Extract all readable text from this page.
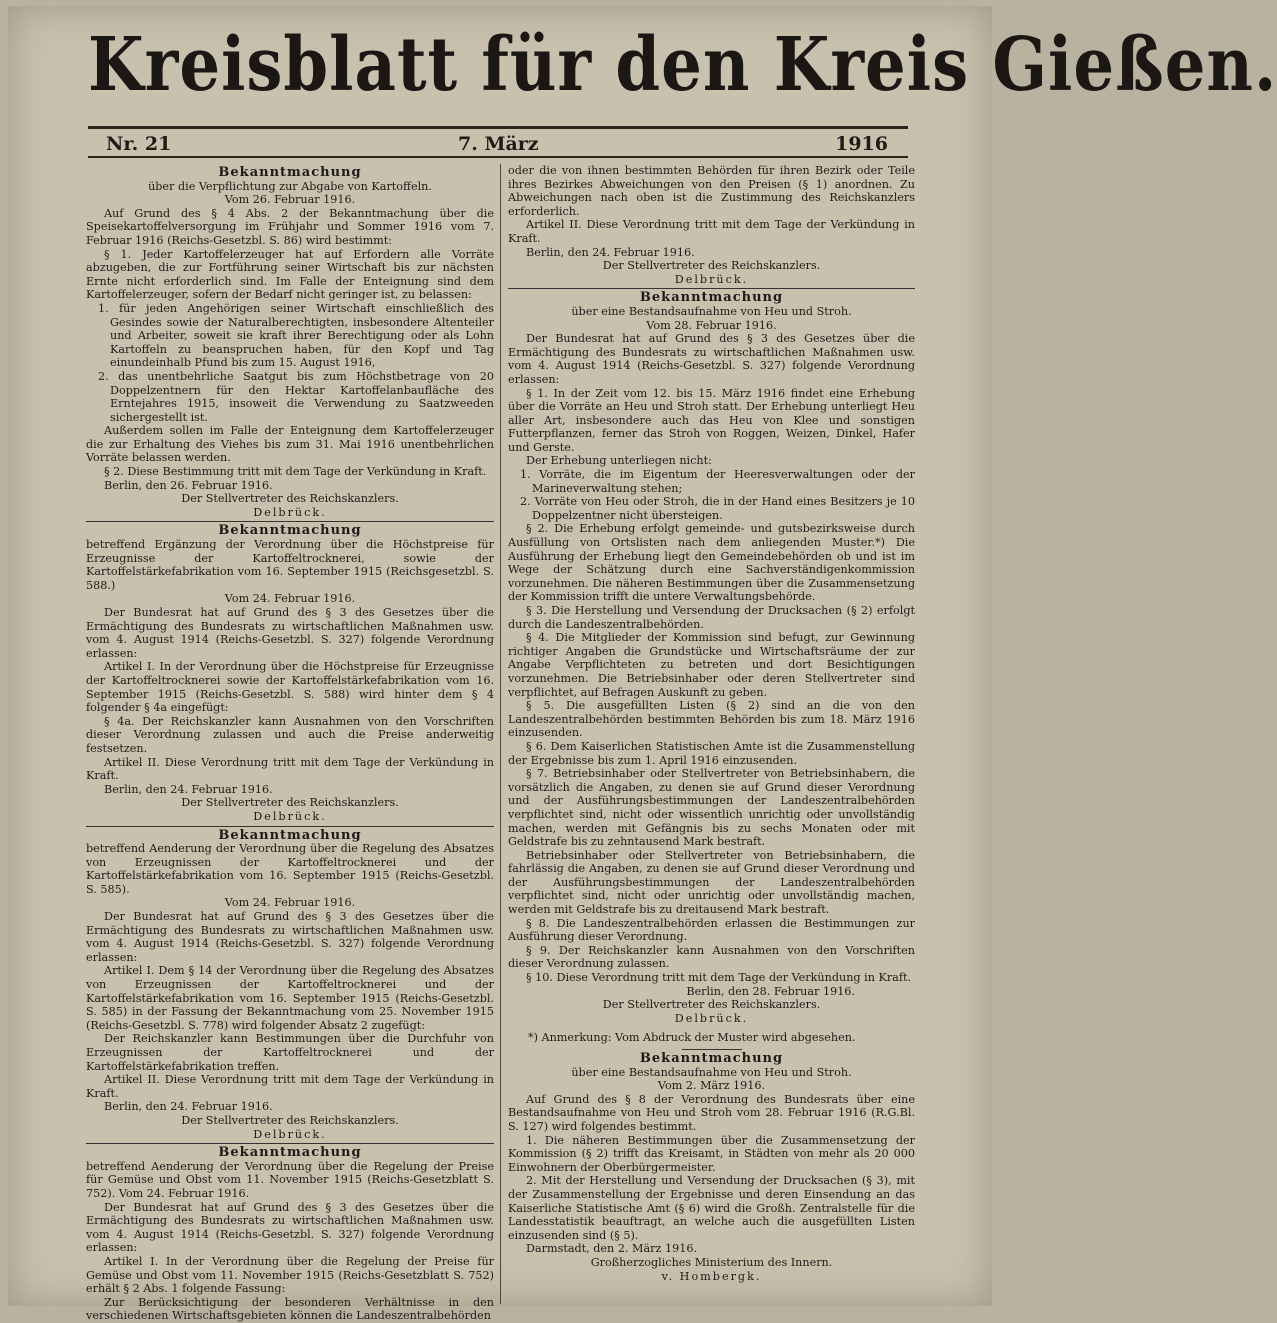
Kreisblatt für den Kreis Gießen.
Nr. 21	7. März	1916

Bekanntmachung

über die Verpflichtung zur Abgabe von Kartoffeln.

Vom 26. Februar 1916.

Auf Grund des § 4 Abs. 2 der Bekanntmachung über die Speisekartoffelversorgung im Frühjahr und Sommer 1916 vom 7. Februar 1916 (Reichs-Gesetzbl. S. 86) wird bestimmt:

§ 1. Jeder Kartoffelerzeuger hat auf Erfordern alle Vorräte abzugeben, die zur Fortführung seiner Wirtschaft bis zur nächsten Ernte nicht erforderlich sind. Im Falle der Enteignung sind dem Kartoffelerzeuger, sofern der Bedarf nicht geringer ist, zu belassen:

1. für jeden Angehörigen seiner Wirtschaft einschließlich des Gesindes sowie der Naturalberechtigten, insbesondere Altenteiler und Arbeiter, soweit sie kraft ihrer Berechtigung oder als Lohn Kartoffeln zu beanspruchen haben, für den Kopf und Tag einundeinhalb Pfund bis zum 15. August 1916,

2. das unentbehrliche Saatgut bis zum Höchstbetrage von 20 Doppelzentnern für den Hektar Kartoffelanbaufläche des Erntejahres 1915, insoweit die Verwendung zu Saatzweeden sichergestellt ist.

Außerdem sollen im Falle der Enteignung dem Kartoffelerzeuger die zur Erhaltung des Viehes bis zum 31. Mai 1916 unentbehrlichen Vorräte belassen werden.

§ 2. Diese Bestimmung tritt mit dem Tage der Verkündung in Kraft.

Berlin, den 26. Februar 1916.

Der Stellvertreter des Reichskanzlers.

Delbrück.

Bekanntmachung

betreffend Ergänzung der Verordnung über die Höchstpreise für Erzeugnisse der Kartoffeltrocknerei, sowie der Kartoffelstärkefabrikation vom 16. September 1915 (Reichsgesetzbl. S. 588.)

Vom 24. Februar 1916.

Der Bundesrat hat auf Grund des § 3 des Gesetzes über die Ermächtigung des Bundesrats zu wirtschaftlichen Maßnahmen usw. vom 4. August 1914 (Reichs-Gesetzbl. S. 327) folgende Verordnung erlassen:

Artikel I. In der Verordnung über die Höchstpreise für Erzeugnisse der Kartoffeltrocknerei sowie der Kartoffelstärkefabrikation vom 16. September 1915 (Reichs-Gesetzbl. S. 588) wird hinter dem § 4 folgender § 4a eingefügt:

§ 4a. Der Reichskanzler kann Ausnahmen von den Vorschriften dieser Verordnung zulassen und auch die Preise anderweitig festsetzen.

Artikel II. Diese Verordnung tritt mit dem Tage der Verkündung in Kraft.

Berlin, den 24. Februar 1916.

Der Stellvertreter des Reichskanzlers.

Delbrück.

Bekanntmachung

betreffend Aenderung der Verordnung über die Regelung des Absatzes von Erzeugnissen der Kartoffeltrocknerei und der Kartoffelstärkefabrikation vom 16. September 1915 (Reichs-Gesetzbl. S. 585).

Vom 24. Februar 1916.

Der Bundesrat hat auf Grund des § 3 des Gesetzes über die Ermächtigung des Bundesrats zu wirtschaftlichen Maßnahmen usw. vom 4. August 1914 (Reichs-Gesetzbl. S. 327) folgende Verordnung erlassen:

Artikel I. Dem § 14 der Verordnung über die Regelung des Absatzes von Erzeugnissen der Kartoffeltrocknerei und der Kartoffelstärkefabrikation vom 16. September 1915 (Reichs-Gesetzbl. S. 585) in der Fassung der Bekanntmachung vom 25. November 1915 (Reichs-Gesetzbl. S. 778) wird folgender Absatz 2 zugefügt:

Der Reichskanzler kann Bestimmungen über die Durchfuhr von Erzeugnissen der Kartoffeltrocknerei und der Kartoffelstärkefabrikation treffen.

Artikel II. Diese Verordnung tritt mit dem Tage der Verkündung in Kraft.

Berlin, den 24. Februar 1916.

Der Stellvertreter des Reichskanzlers.

Delbrück.

Bekanntmachung

betreffend Aenderung der Verordnung über die Regelung der Preise für Gemüse und Obst vom 11. November 1915 (Reichs-Gesetzblatt S. 752). Vom 24. Februar 1916.

Der Bundesrat hat auf Grund des § 3 des Gesetzes über die Ermächtigung des Bundesrats zu wirtschaftlichen Maßnahmen usw. vom 4. August 1914 (Reichs-Gesetzbl. S. 327) folgende Verordnung erlassen:

Artikel I. In der Verordnung über die Regelung der Preise für Gemüse und Obst vom 11. November 1915 (Reichs-Gesetzblatt S. 752) erhält § 2 Abs. 1 folgende Fassung:

Zur Berücksichtigung der besonderen Verhältnisse in den verschiedenen Wirtschaftsgebieten können die Landeszentralbehörden

oder die von ihnen bestimmten Behörden für ihren Bezirk oder Teile ihres Bezirkes Abweichungen von den Preisen (§ 1) anordnen. Zu Abweichungen nach oben ist die Zustimmung des Reichskanzlers erforderlich.

Artikel II. Diese Verordnung tritt mit dem Tage der Verkündung in Kraft.

Berlin, den 24. Februar 1916.

Der Stellvertreter des Reichskanzlers.

Delbrück.

Bekanntmachung

über eine Bestandsaufnahme von Heu und Stroh.

Vom 28. Februar 1916.

Der Bundesrat hat auf Grund des § 3 des Gesetzes über die Ermächtigung des Bundesrats zu wirtschaftlichen Maßnahmen usw. vom 4. August 1914 (Reichs-Gesetzbl. S. 327) folgende Verordnung erlassen:

§ 1. In der Zeit vom 12. bis 15. März 1916 findet eine Erhebung über die Vorräte an Heu und Stroh statt. Der Erhebung unterliegt Heu aller Art, insbesondere auch das Heu von Klee und sonstigen Futterpflanzen, ferner das Stroh von Roggen, Weizen, Dinkel, Hafer und Gerste.

Der Erhebung unterliegen nicht:

1. Vorräte, die im Eigentum der Heeresverwaltungen oder der Marineverwaltung stehen;

2. Vorräte von Heu oder Stroh, die in der Hand eines Besitzers je 10 Doppelzentner nicht übersteigen.

§ 2. Die Erhebung erfolgt gemeinde- und gutsbezirksweise durch Ausfüllung von Ortslisten nach dem anliegenden Muster.*) Die Ausführung der Erhebung liegt den Gemeindebehörden ob und ist im Wege der Schätzung durch eine Sachverständigenkommission vorzunehmen. Die näheren Bestimmungen über die Zusammensetzung der Kommission trifft die untere Verwaltungsbehörde.

§ 3. Die Herstellung und Versendung der Drucksachen (§ 2) erfolgt durch die Landeszentralbehörden.

§ 4. Die Mitglieder der Kommission sind befugt, zur Gewinnung richtiger Angaben die Grundstücke und Wirtschaftsräume der zur Angabe Verpflichteten zu betreten und dort Besichtigungen vorzunehmen. Die Betriebsinhaber oder deren Stellvertreter sind verpflichtet, auf Befragen Auskunft zu geben.

§ 5. Die ausgefüllten Listen (§ 2) sind an die von den Landeszentralbehörden bestimmten Behörden bis zum 18. März 1916 einzusenden.

§ 6. Dem Kaiserlichen Statistischen Amte ist die Zusammenstellung der Ergebnisse bis zum 1. April 1916 einzusenden.

§ 7. Betriebsinhaber oder Stellvertreter von Betriebsinhabern, die vorsätzlich die Angaben, zu denen sie auf Grund dieser Verordnung und der Ausführungsbestimmungen der Landeszentralbehörden verpflichtet sind, nicht oder wissentlich unrichtig oder unvollständig machen, werden mit Gefängnis bis zu sechs Monaten oder mit Geldstrafe bis zu zehntausend Mark bestraft.

Betriebsinhaber oder Stellvertreter von Betriebsinhabern, die fahrlässig die Angaben, zu denen sie auf Grund dieser Verordnung und der Ausführungsbestimmungen der Landeszentralbehörden verpflichtet sind, nicht oder unrichtig oder unvollständig machen, werden mit Geldstrafe bis zu dreitausend Mark bestraft.

§ 8. Die Landeszentralbehörden erlassen die Bestimmungen zur Ausführung dieser Verordnung.

§ 9. Der Reichskanzler kann Ausnahmen von den Vorschriften dieser Verordnung zulassen.

§ 10. Diese Verordnung tritt mit dem Tage der Verkündung in Kraft.

Berlin, den 28. Februar 1916.

Der Stellvertreter des Reichskanzlers.

Delbrück.

*) Anmerkung: Vom Abdruck der Muster wird abgesehen.

Bekanntmachung

über eine Bestandsaufnahme von Heu und Stroh.

Vom 2. März 1916.

Auf Grund des § 8 der Verordnung des Bundesrats über eine Bestandsaufnahme von Heu und Stroh vom 28. Februar 1916 (R.G.Bl. S. 127) wird folgendes bestimmt.

1. Die näheren Bestimmungen über die Zusammensetzung der Kommission (§ 2) trifft das Kreisamt, in Städten von mehr als 20 000 Einwohnern der Oberbürgermeister.

2. Mit der Herstellung und Versendung der Drucksachen (§ 3), mit der Zusammenstellung der Ergebnisse und deren Einsendung an das Kaiserliche Statistische Amt (§ 6) wird die Großh. Zentralstelle für die Landesstatistik beauftragt, an welche auch die ausgefüllten Listen einzusenden sind (§ 5).

Darmstadt, den 2. März 1916.

Großherzogliches Ministerium des Innern.

v. Hombergk.
